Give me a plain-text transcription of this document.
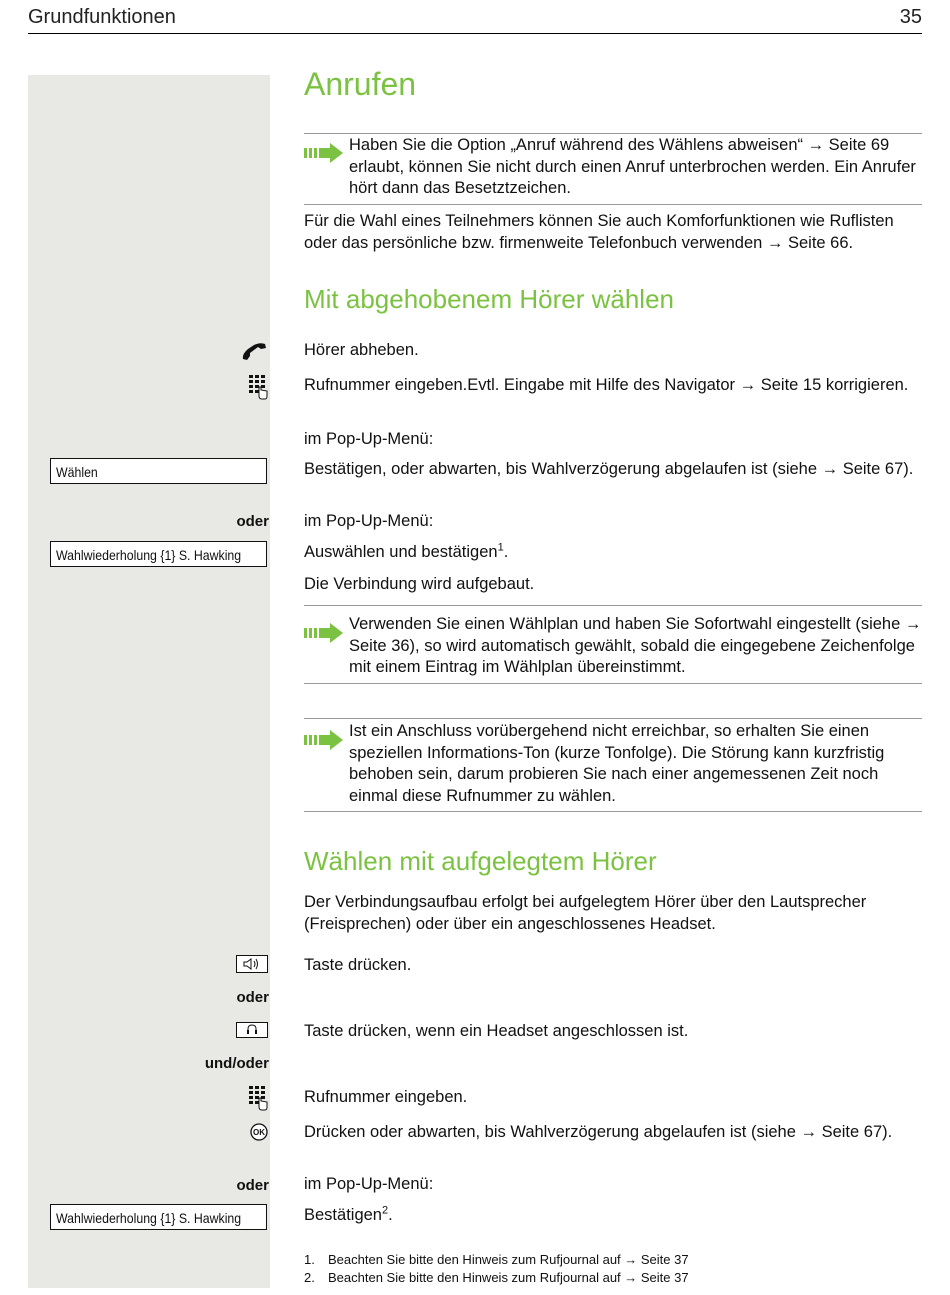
Grundfunktionen	35
Anrufen
Haben Sie die Option „Anruf während des Wählens abweisen“ → Seite 69 erlaubt, können Sie nicht durch einen Anruf unterbrochen werden. Ein Anrufer hört dann das Besetztzeichen.
Für die Wahl eines Teilnehmers können Sie auch Komforfunktionen wie Ruflisten oder das persönliche bzw. firmenweite Telefonbuch verwenden → Seite 66.
Mit abgehobenem Hörer wählen
Hörer abheben.
Rufnummer eingeben.Evtl. Eingabe mit Hilfe des Navigator → Seite 15 korrigieren.
im Pop-Up-Menü:
Wählen	Bestätigen, oder abwarten, bis Wahlverzögerung abgelaufen ist (siehe → Seite 67).
oder im Pop-Up-Menü:
Wahlwiederholung {1} S. Hawking	Auswählen und bestätigen$^1$.
Die Verbindung wird aufgebaut.
Verwenden Sie einen Wählplan und haben Sie Sofortwahl eingestellt (siehe → Seite 36), so wird automatisch gewählt, sobald die eingegebene Zeichenfolge mit einem Eintrag im Wählplan übereinstimmt.
Ist ein Anschluss vorübergehend nicht erreichbar, so erhalten Sie einen speziellen Informations-Ton (kurze Tonfolge). Die Störung kann kurzfristig behoben sein, darum probieren Sie nach einer angemessenen Zeit noch einmal diese Rufnummer zu wählen.
Wählen mit aufgelegtem Hörer
Der Verbindungsaufbau erfolgt bei aufgelegtem Hörer über den Lautsprecher (Freisprechen) oder über ein angeschlossenes Headset.
Taste drücken.
oder
Taste drücken, wenn ein Headset angeschlossen ist.
und/oder
Rufnummer eingeben.
OK Drücken oder abwarten, bis Wahlverzögerung abgelaufen ist (siehe → Seite 67).
oder im Pop-Up-Menü:
Wahlwiederholung {1} S. Hawking	Bestätigen$^2$.
1. Beachten Sie bitte den Hinweis zum Rufjournal auf → Seite 37
2. Beachten Sie bitte den Hinweis zum Rufjournal auf → Seite 37
